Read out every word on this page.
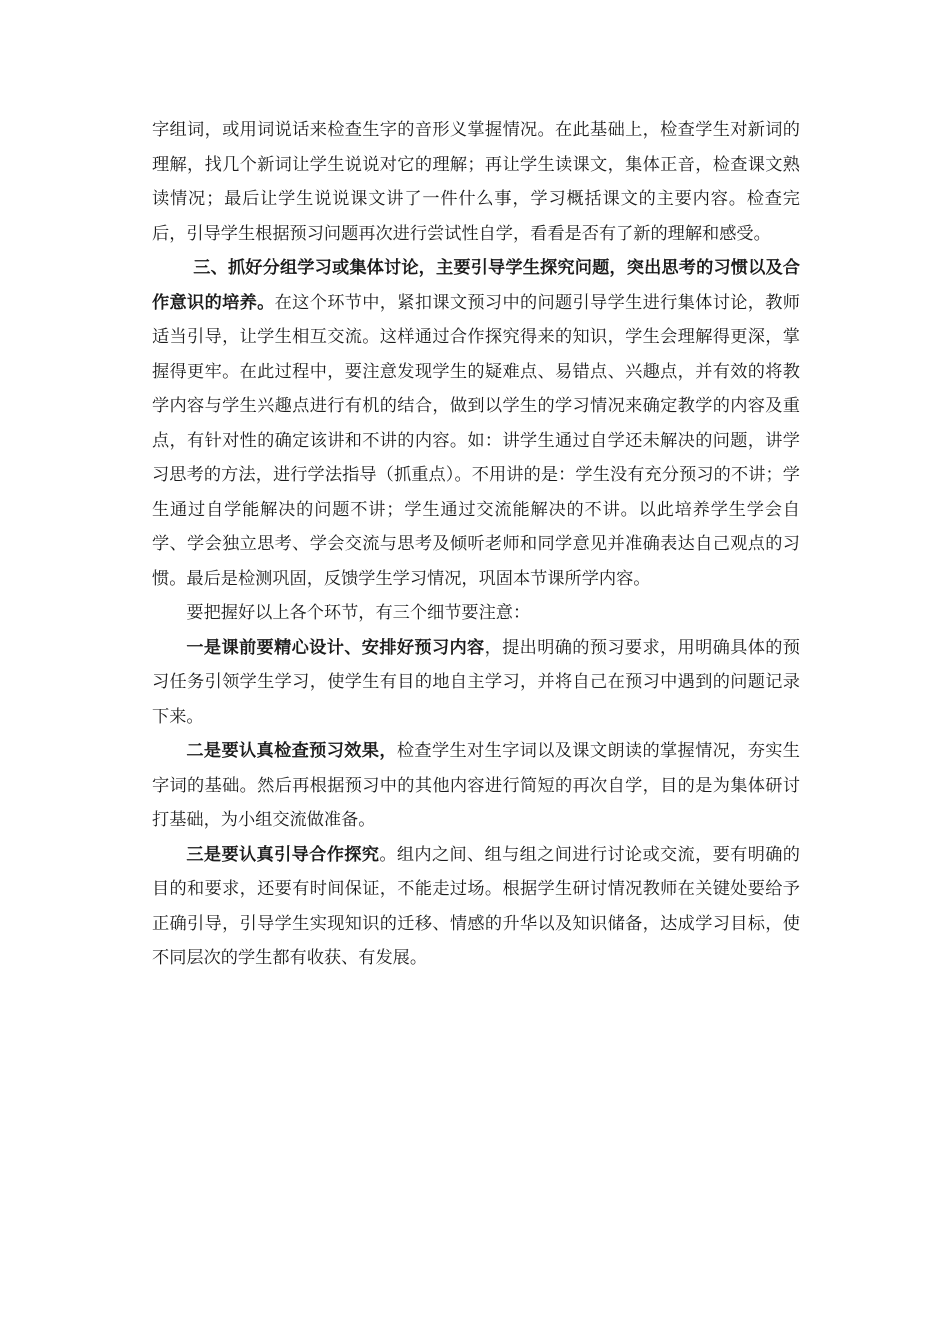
字组词，或用词说话来检查生字的音形义掌握情况。在此基础上，检查学生对新词的理解，找几个新词让学生说说对它的理解；再让学生读课文，集体正音，检查课文熟读情况；最后让学生说说课文讲了一件什么事，学习概括课文的主要内容。检查完后，引导学生根据预习问题再次进行尝试性自学，看看是否有了新的理解和感受。

三、抓好分组学习或集体讨论，主要引导学生探究问题，突出思考的习惯以及合作意识的培养。在这个环节中，紧扣课文预习中的问题引导学生进行集体讨论，教师适当引导，让学生相互交流。这样通过合作探究得来的知识，学生会理解得更深，掌握得更牢。在此过程中，要注意发现学生的疑难点、易错点、兴趣点，并有效的将教学内容与学生兴趣点进行有机的结合，做到以学生的学习情况来确定教学的内容及重点，有针对性的确定该讲和不讲的内容。如：讲学生通过自学还未解决的问题，讲学习思考的方法，进行学法指导（抓重点）。不用讲的是：学生没有充分预习的不讲；学生通过自学能解决的问题不讲；学生通过交流能解决的不讲。以此培养学生学会自学、学会独立思考、学会交流与思考及倾听老师和同学意见并准确表达自己观点的习惯。最后是检测巩固，反馈学生学习情况，巩固本节课所学内容。

要把握好以上各个环节，有三个细节要注意：

一是课前要精心设计、安排好预习内容，提出明确的预习要求，用明确具体的预习任务引领学生学习，使学生有目的地自主学习，并将自己在预习中遇到的问题记录下来。

二是要认真检查预习效果，检查学生对生字词以及课文朗读的掌握情况，夯实生字词的基础。然后再根据预习中的其他内容进行简短的再次自学，目的是为集体研讨打基础，为小组交流做准备。

三是要认真引导合作探究。组内之间、组与组之间进行讨论或交流，要有明确的目的和要求，还要有时间保证，不能走过场。根据学生研讨情况教师在关键处要给予正确引导，引导学生实现知识的迁移、情感的升华以及知识储备，达成学习目标，使不同层次的学生都有收获、有发展。
